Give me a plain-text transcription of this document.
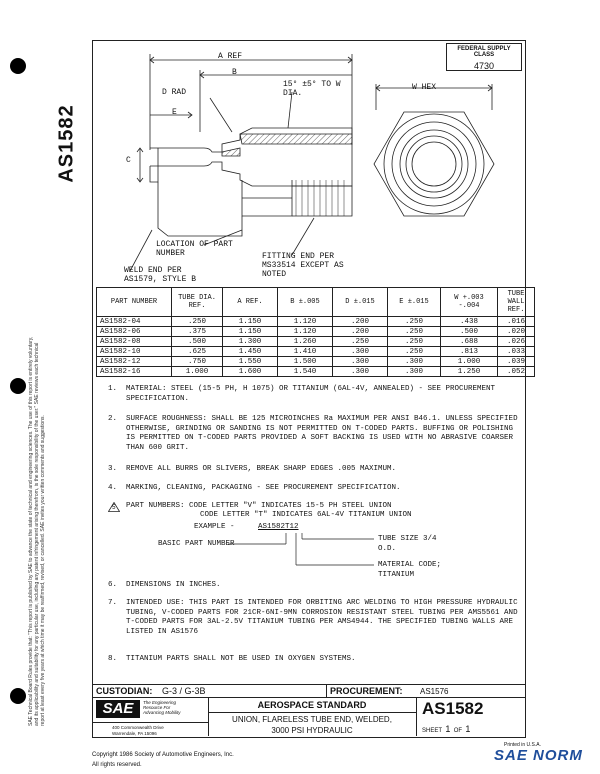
AS1582
SAE Technical Board Rules provide that: "This report is published by SAE to advance the state of technical and engineering sciences. The use of this report is entirely voluntary, and its applicability and suitability for any particular use, including any patent infringement arising therefrom, is the sole responsibility of the user." SAE reviews each technical report at least every five years at which time it may be reaffirmed, revised, or cancelled. SAE invites your written comments and suggestions.
FEDERAL SUPPLY CLASS
4730
A REF
B
15° ±5° TO W DIA.
D RAD
E
C
W HEX
LOCATION OF PART NUMBER	FITTING END PER MS33514 EXCEPT AS NOTED
WELD END PER AS1579, STYLE B
PART NUMBER	TUBE DIA. REF.	A REF.	B ±.005	D ±.015	E ±.015	W +.003 -.004	TUBE WALL REF.
AS1582-04	.250	1.150	1.120	.200	.250	.438	.016
AS1582-06	.375	1.150	1.120	.200	.250	.500	.020
AS1582-08	.500	1.300	1.260	.250	.250	.688	.026
AS1582-10	.625	1.450	1.410	.300	.250	.813	.033
AS1582-12	.750	1.550	1.500	.300	.300	1.000	.039
AS1582-16	1.000	1.600	1.540	.300	.300	1.250	.052
1. MATERIAL: STEEL (15-5 PH, H 1075) OR TITANIUM (6AL-4V, ANNEALED) - SEE PROCUREMENT SPECIFICATION.
2. SURFACE ROUGHNESS: SHALL BE 125 MICROINCHES Ra MAXIMUM PER ANSI B46.1. UNLESS SPECIFIED OTHERWISE, GRINDING OR SANDING IS NOT PERMITTED ON T-CODED PARTS. BUFFING OR POLISHING IS PERMITTED ON T-CODED PARTS PROVIDED A SOFT BACKING IS USED WITH NO ABRASIVE COARSER THAN 600 GRIT.
3. REMOVE ALL BURRS OR SLIVERS, BREAK SHARP EDGES .005 MAXIMUM.
4. MARKING, CLEANING, PACKAGING - SEE PROCUREMENT SPECIFICATION.
5 PART NUMBERS: CODE LETTER "V" INDICATES 15-5 PH STEEL UNION
CODE LETTER "T" INDICATES 6AL-4V TITANIUM UNION
EXAMPLE -	AS1582T12
BASIC PART NUMBER
TUBE SIZE 3/4 O.D.
MATERIAL CODE; TITANIUM
6. DIMENSIONS IN INCHES.
7. INTENDED USE: THIS PART IS INTENDED FOR ORBITING ARC WELDING TO HIGH PRESSURE HYDRAULIC TUBING, V-CODED PARTS FOR 21CR-6NI-9MN CORROSION RESISTANT STEEL TUBING PER AMS5561 AND T-CODED PARTS FOR 3AL-2.5V TITANIUM TUBING PER AMS4944. THE SPECIFIED TUBING WALLS ARE LISTED IN AS1576
8. TITANIUM PARTS SHALL NOT BE USED IN OXYGEN SYSTEMS.

CUSTODIAN: G-3 / G-3B	PROCUREMENT: AS1576
SAE	The Engineering
Resource For
Advancing Mobility
400 Commonwealth Drive
Warrendale, PA 15096
AEROSPACE STANDARD
UNION, FLARELESS TUBE END, WELDED,
3000 PSI HYDRAULIC
AS1582
SHEET 1 OF 1
Copyright 1986 Society of Automotive Engineers, Inc.
All rights reserved.
Printed in U.S.A.
SAE NORM
